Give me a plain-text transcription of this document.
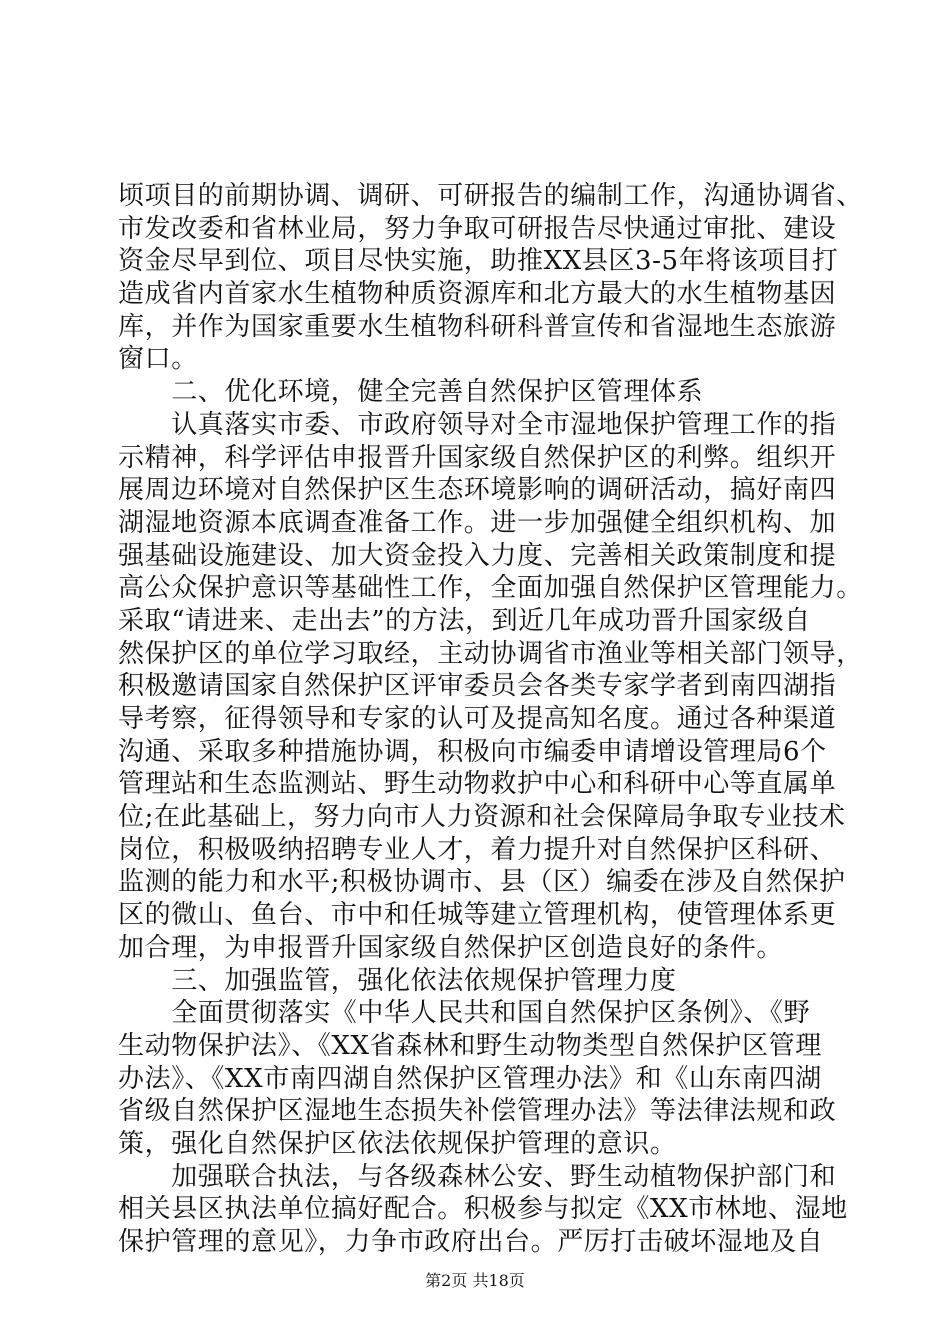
顷项目的前期协调、调研、可研报告的编制工作，沟通协调省、
市发改委和省林业局，努力争取可研报告尽快通过审批、建设
资金尽早到位、项目尽快实施，助推XX县区3-5年将该项目打
造成省内首家水生植物种质资源库和北方最大的水生植物基因
库，并作为国家重要水生植物科研科普宣传和省湿地生态旅游
窗口。
　　二、优化环境，健全完善自然保护区管理体系
　　认真落实市委、市政府领导对全市湿地保护管理工作的指
示精神，科学评估申报晋升国家级自然保护区的利弊。组织开
展周边环境对自然保护区生态环境影响的调研活动，搞好南四
湖湿地资源本底调查准备工作。进一步加强健全组织机构、加
强基础设施建设、加大资金投入力度、完善相关政策制度和提
高公众保护意识等基础性工作，全面加强自然保护区管理能力。
采取“请进来、走出去”的方法，到近几年成功晋升国家级自
然保护区的单位学习取经，主动协调省市渔业等相关部门领导，
积极邀请国家自然保护区评审委员会各类专家学者到南四湖指
导考察，征得领导和专家的认可及提高知名度。通过各种渠道
沟通、采取多种措施协调，积极向市编委申请增设管理局6个
管理站和生态监测站、野生动物救护中心和科研中心等直属单
位;在此基础上，努力向市人力资源和社会保障局争取专业技术
岗位，积极吸纳招聘专业人才，着力提升对自然保护区科研、
监测的能力和水平;积极协调市、县（区）编委在涉及自然保护
区的微山、鱼台、市中和任城等建立管理机构，使管理体系更
加合理，为申报晋升国家级自然保护区创造良好的条件。
　　三、加强监管，强化依法依规保护管理力度
　　全面贯彻落实《中华人民共和国自然保护区条例》、《野
生动物保护法》、《XX省森林和野生动物类型自然保护区管理
办法》、《XX市南四湖自然保护区管理办法》和《山东南四湖
省级自然保护区湿地生态损失补偿管理办法》等法律法规和政
策，强化自然保护区依法依规保护管理的意识。
　　加强联合执法，与各级森林公安、野生动植物保护部门和
相关县区执法单位搞好配合。积极参与拟定《XX市林地、湿地
保护管理的意见》，力争市政府出台。严厉打击破坏湿地及自
第2页 共18页
